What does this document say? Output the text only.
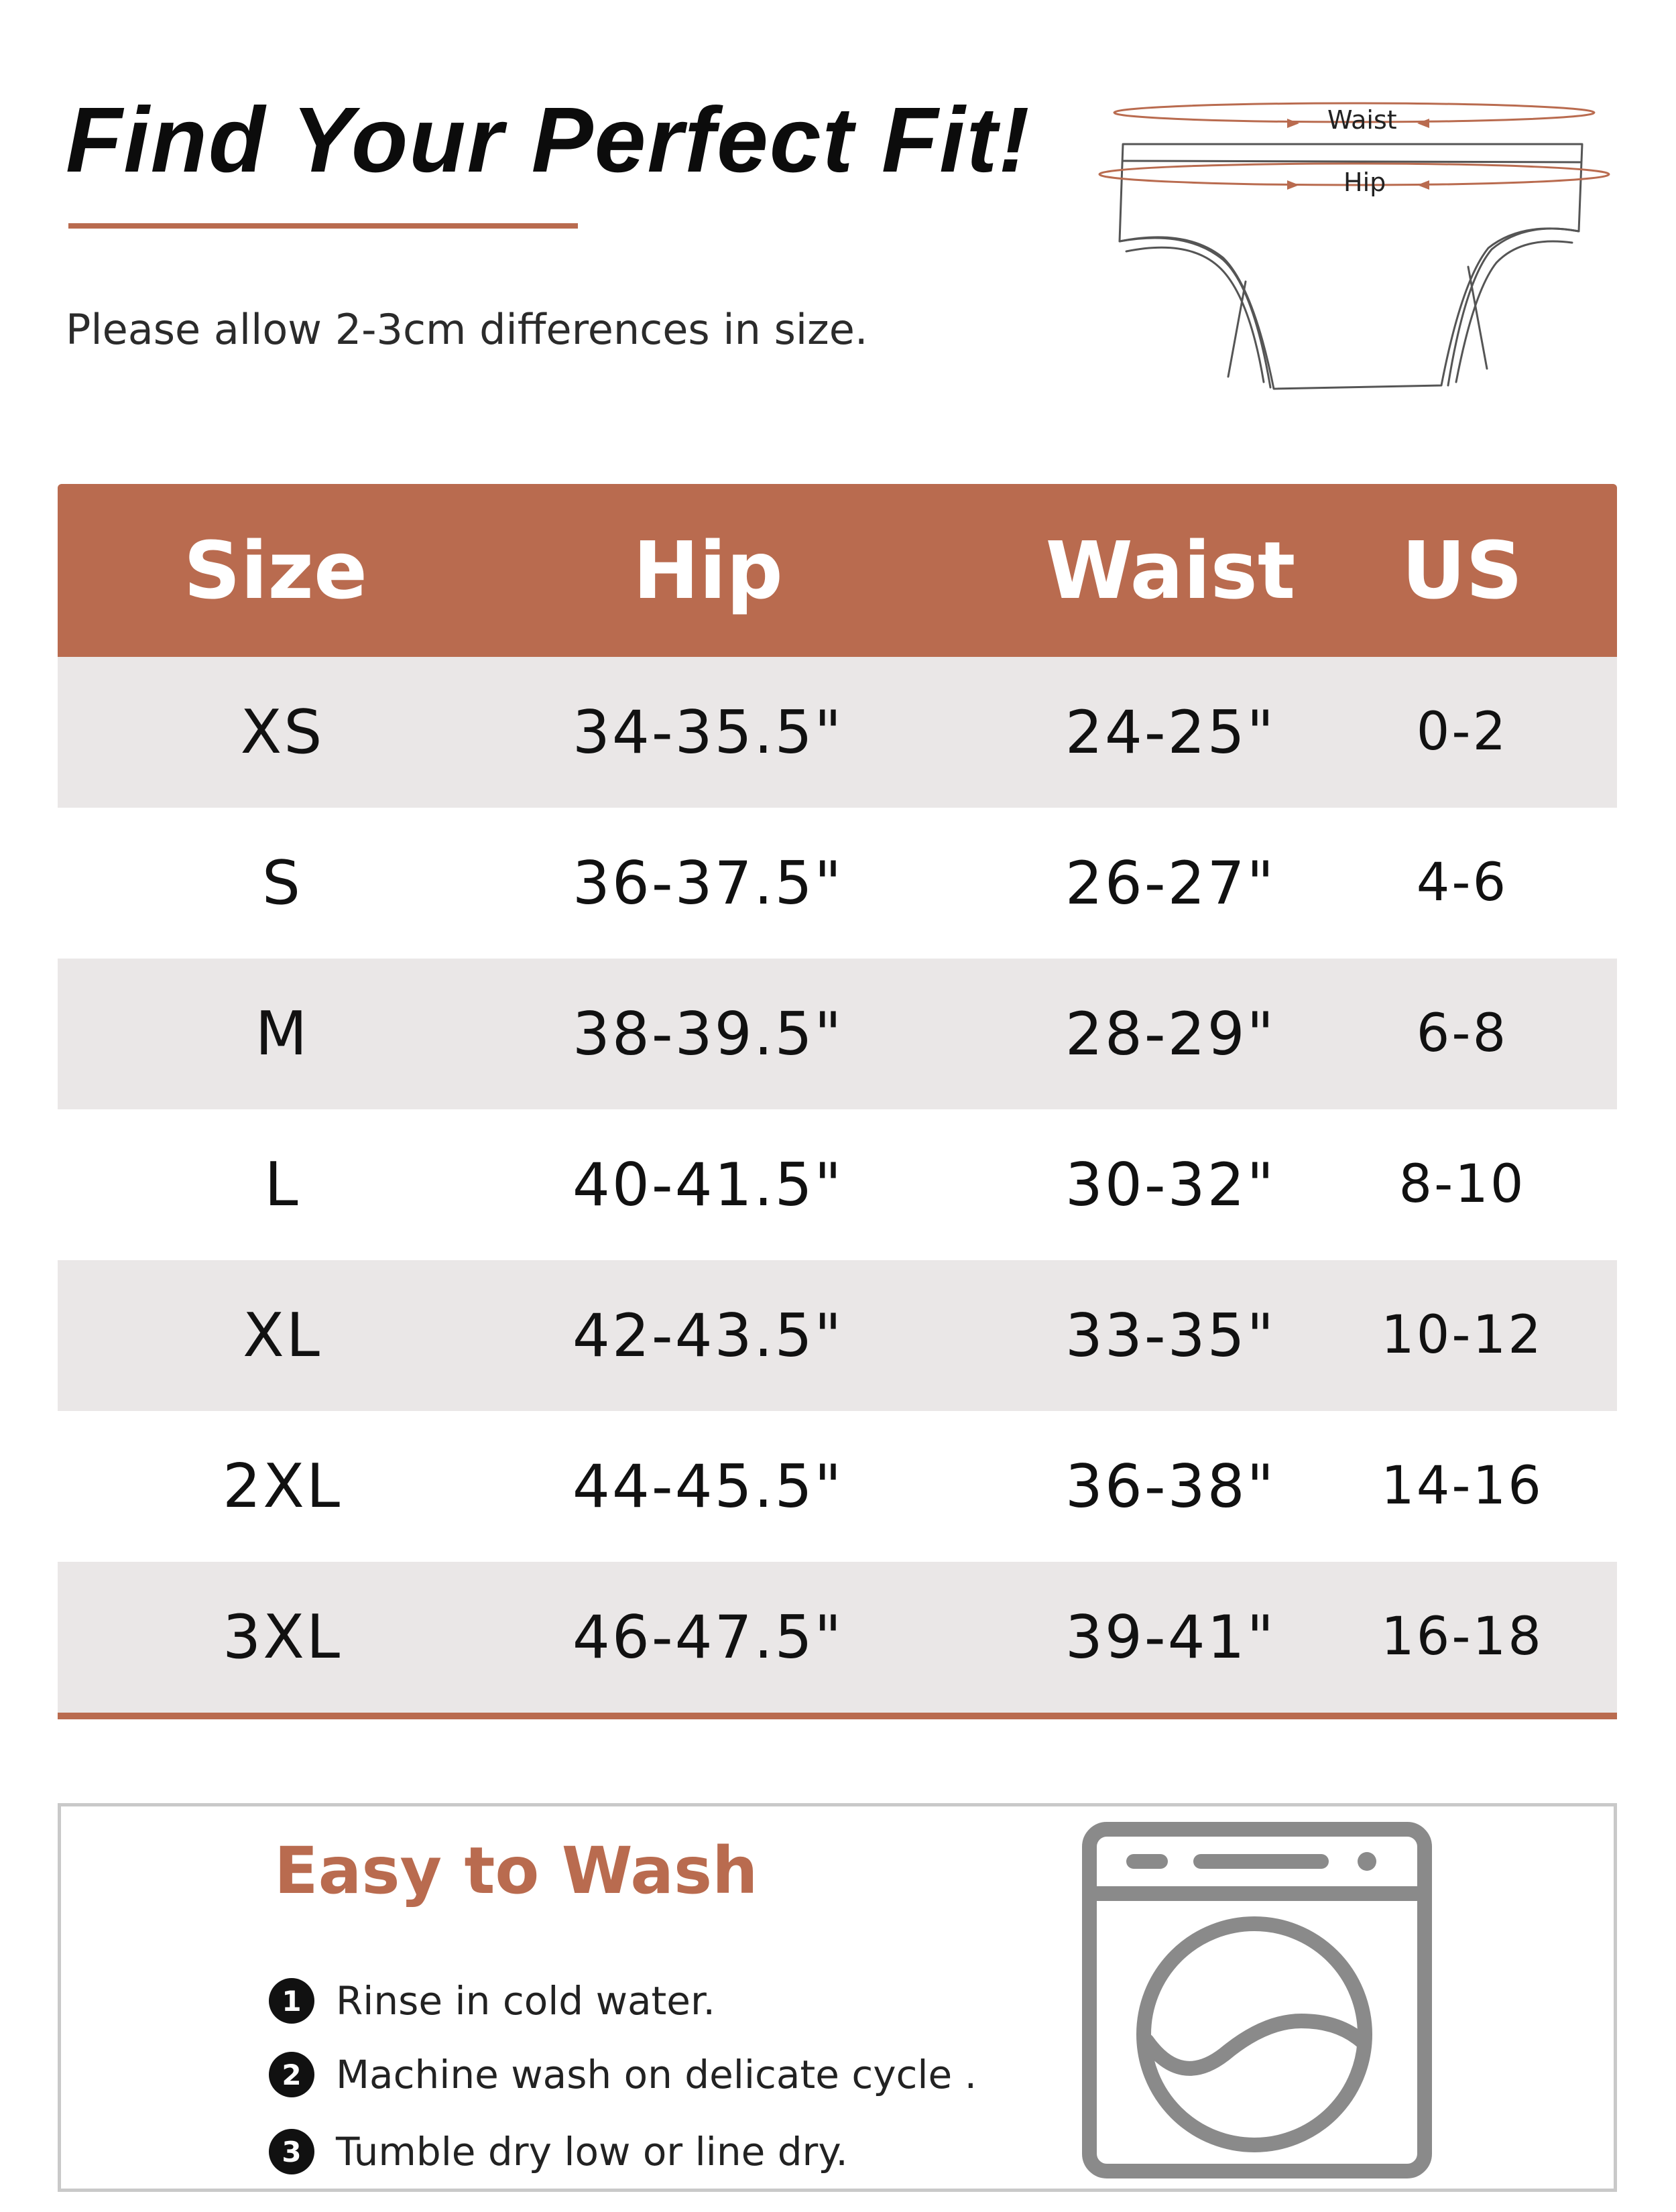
Find Your Perfect Fit!

Please allow 2-3cm differences in size.

Waist
Hip
Size	Hip	Waist	US
XS	34-35.5"	24-25"	0-2
S	36-37.5"	26-27"	4-6
M	38-39.5"	28-29"	6-8
L	40-41.5"	30-32"	8-10
XL	42-43.5"	33-35"	10-12
2XL	44-45.5"	36-38"	14-16
3XL	46-47.5"	39-41"	16-18
Easy to Wash
1 Rinse in cold water.
2 Machine wash on delicate cycle .
3 Tumble dry low or line dry.
